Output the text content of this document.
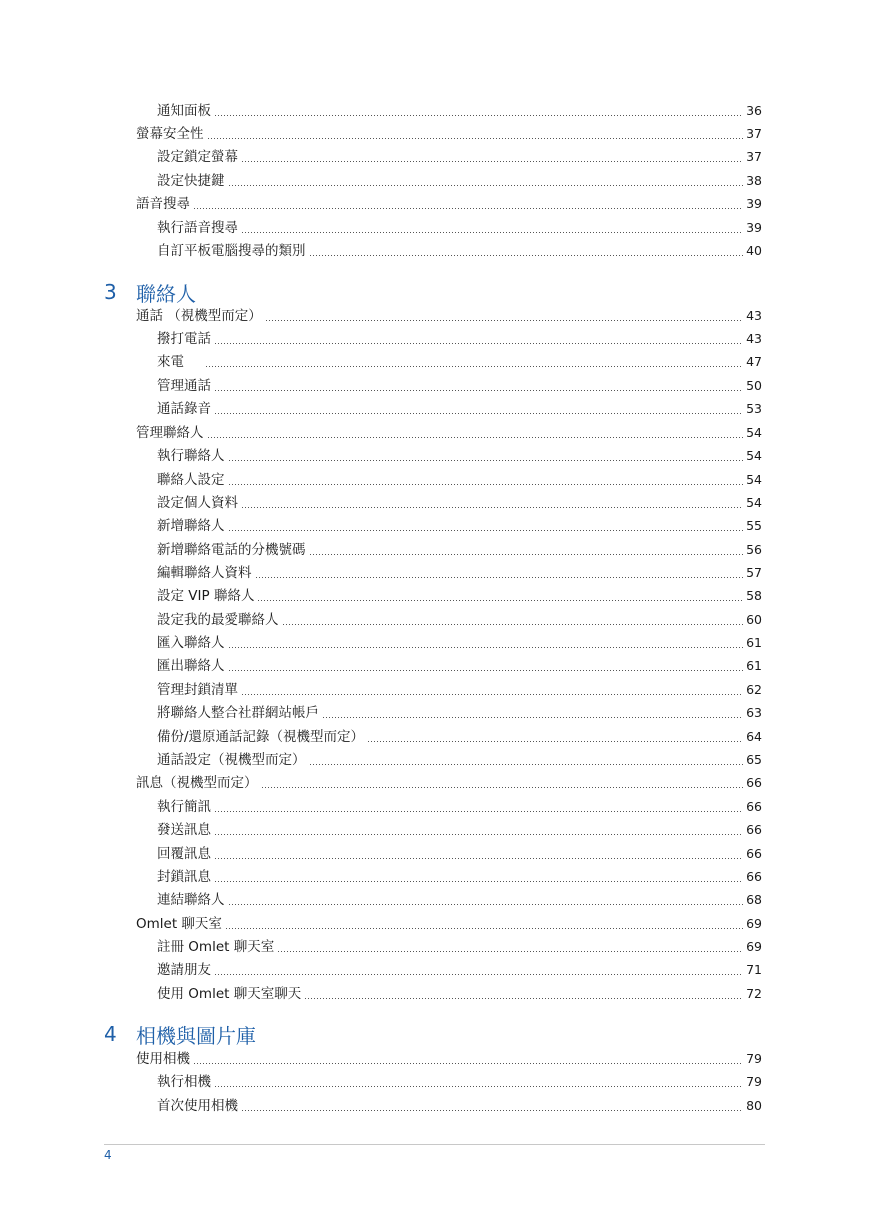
通知面板	36
螢幕安全性	37
設定鎖定螢幕	37
設定快捷鍵	38
語音搜尋	39
執行語音搜尋	39
自訂平板電腦搜尋的類別	40
3 聯絡人
通話 （視機型而定）	43
撥打電話	43
來電 　	47
管理通話	50
通話錄音	53
管理聯絡人	54
執行聯絡人	54
聯絡人設定	54
設定個人資料	54
新增聯絡人	55
新增聯絡電話的分機號碼	56
編輯聯絡人資料	57
設定 VIP 聯絡人	58
設定我的最愛聯絡人	60
匯入聯絡人	61
匯出聯絡人	61
管理封鎖清單	62
將聯絡人整合社群網站帳戶	63
備份/還原通話記錄（視機型而定）	64
通話設定（視機型而定）	65
訊息（視機型而定）	66
執行簡訊	66
發送訊息	66
回覆訊息	66
封鎖訊息	66
連結聯絡人	68
Omlet 聊天室	69
註冊 Omlet 聊天室	69
邀請朋友	71
使用 Omlet 聊天室聊天	72
4 相機與圖片庫
使用相機	79
執行相機	79
首次使用相機	80
4
